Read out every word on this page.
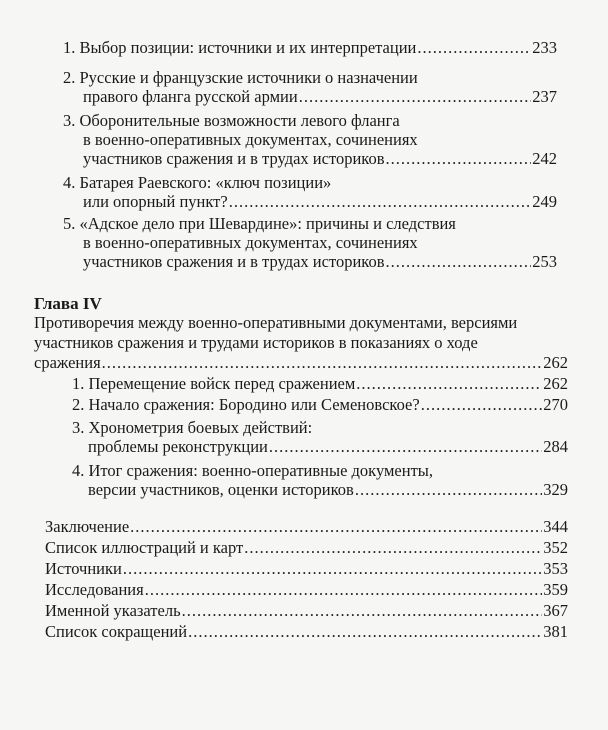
1. Выбор позиции: источники и их интерпретации .....	233
2. Русские и французские источники о назначении
правого фланга русской армии .....	237
3. Оборонительные возможности левого фланга
в военно-оперативных документах, сочинениях
участников сражения и в трудах историков .....	242
4. Батарея Раевского: «ключ позиции»
или опорный пункт? .....	249
5. «Адское дело при Шевардине»: причины и следствия
в военно-оперативных документах, сочинениях
участников сражения и в трудах историков .....	253
Глава IV
Противоречия между военно-оперативными документами, версиями
участников сражения и трудами историков в показаниях о ходе
сражения .....	262
1. Перемещение войск перед сражением .....	262
2. Начало сражения: Бородино или Семеновское? .....	270
3. Хронометрия боевых действий:
проблемы реконструкции .....	284
4. Итог сражения: военно-оперативные документы,
версии участников, оценки историков .....	329
Заключение .....	344
Список иллюстраций и карт .....	352
Источники .....	353
Исследования .....	359
Именной указатель .....	367
Список сокращений .....	381
